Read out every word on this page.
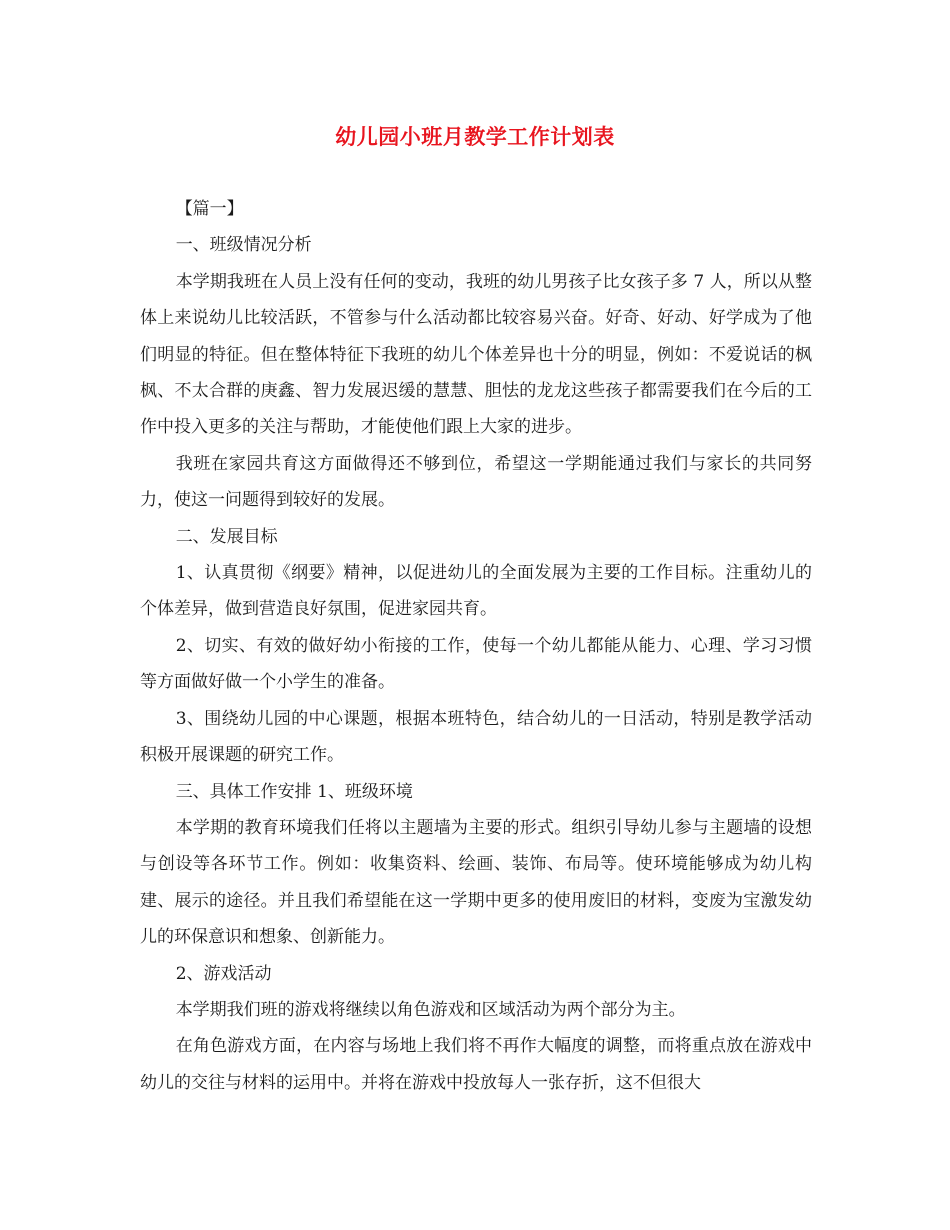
幼儿园小班月教学工作计划表

【篇一】

一、班级情况分析

本学期我班在人员上没有任何的变动，我班的幼儿男孩子比女孩子多 7 人，所以从整体上来说幼儿比较活跃，不管参与什么活动都比较容易兴奋。好奇、好动、好学成为了他们明显的特征。但在整体特征下我班的幼儿个体差异也十分的明显，例如：不爱说话的枫枫、不太合群的庚鑫、智力发展迟缓的慧慧、胆怯的龙龙这些孩子都需要我们在今后的工作中投入更多的关注与帮助，才能使他们跟上大家的进步。

我班在家园共育这方面做得还不够到位，希望这一学期能通过我们与家长的共同努力，使这一问题得到较好的发展。

二、发展目标

1、认真贯彻《纲要》精神，以促进幼儿的全面发展为主要的工作目标。注重幼儿的个体差异，做到营造良好氛围，促进家园共育。

2、切实、有效的做好幼小衔接的工作，使每一个幼儿都能从能力、心理、学习习惯等方面做好做一个小学生的准备。

3、围绕幼儿园的中心课题，根据本班特色，结合幼儿的一日活动，特别是教学活动积极开展课题的研究工作。

三、具体工作安排 1、班级环境

本学期的教育环境我们任将以主题墙为主要的形式。组织引导幼儿参与主题墙的设想与创设等各环节工作。例如：收集资料、绘画、装饰、布局等。使环境能够成为幼儿构建、展示的途径。并且我们希望能在这一学期中更多的使用废旧的材料，变废为宝激发幼儿的环保意识和想象、创新能力。

2、游戏活动

本学期我们班的游戏将继续以角色游戏和区域活动为两个部分为主。

在角色游戏方面，在内容与场地上我们将不再作大幅度的调整，而将重点放在游戏中幼儿的交往与材料的运用中。并将在游戏中投放每人一张存折，这不但很大
